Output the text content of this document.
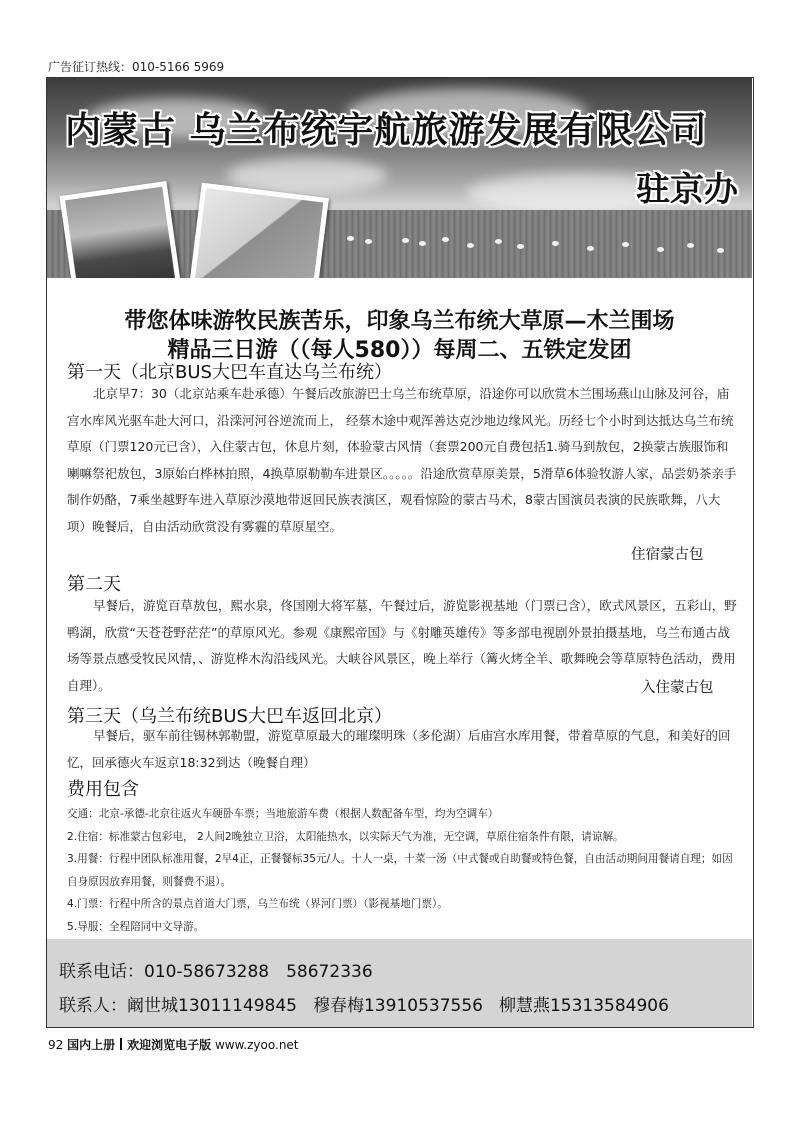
广告征订热线：010-5166 5969
内蒙古 乌兰布统宇航旅游发展有限公司
驻京办
带您体味游牧民族苦乐，印象乌兰布统大草原—木兰围场
精品三日游（（每人580））每周二、五铁定发团
第一天（北京BUS大巴车直达乌兰布统）
北京早7：30（北京站乘车赴承德）午餐后改旅游巴士乌兰布统草原，沿途你可以欣赏木兰围场燕山山脉及河谷，庙宫水库风光驱车赴大河口，沿滦河河谷逆流而上， 经蔡木途中观浑善达克沙地边缘风光。历经七个小时到达抵达乌兰布统草原（门票120元已含），入住蒙古包，休息片刻，体验蒙古风情（套票200元自费包括1.骑马到敖包，2换蒙古族服饰和喇嘛祭祀敖包，3原始白桦林拍照，4换草原勒勒车进景区。。。。。沿途欣赏草原美景，5滑草6体验牧游人家，品尝奶茶亲手制作奶酪，7乘坐越野车进入草原沙漠地带返回民族表演区，观看惊险的蒙古马术，8蒙古国演员表演的民族歌舞，八大项）晚餐后，自由活动欣赏没有雾霾的草原星空。
住宿蒙古包
第二天
早餐后，游览百草敖包，熙水泉，佟国刚大将军墓，午餐过后，游览影视基地（门票已含），欧式风景区，五彩山，野鸭湖，欣赏“天苍苍野茫茫”的草原风光。参观《康熙帝国》与《射雕英雄传》等多部电视剧外景拍摄基地，乌兰布通古战场等景点感受牧民风情，、游览桦木沟沿线风光。大峡谷风景区，晚上举行（篝火烤全羊、歌舞晚会等草原特色活动，费用自理）。	入住蒙古包
第三天（乌兰布统BUS大巴车返回北京）
早餐后，驱车前往锡林郭勒盟，游览草原最大的璀璨明珠（多伦湖）后庙宫水库用餐，带着草原的气息，和美好的回忆，回承德火车返京18:32到达（晚餐自理）
费用包含
交通：北京-承德-北京往返火车硬卧车票；当地旅游车费（根据人数配备车型，均为空调车）
2.住宿：标准蒙古包彩电， 2人间2晚独立卫浴，太阳能热水，以实际天气为准，无空调，草原住宿条件有限，请谅解。
3.用餐：行程中团队标准用餐，2早4正，正餐餐标35元/人。十人一桌，十菜一汤（中式餐或自助餐或特色餐，自由活动期间用餐请自理；如因自身原因放弃用餐，则餐费不退）。
4.门票：行程中所含的景点首道大门票，乌兰布统（界河门票）（影视基地门票）。
5.导服：全程陪同中文导游。
联系电话：010-58673288　58672336
联系人：阚世城13011149845 穆春梅13910537556 柳慧燕15313584906
92 国内上册 欢迎浏览电子版 www.zyoo.net
